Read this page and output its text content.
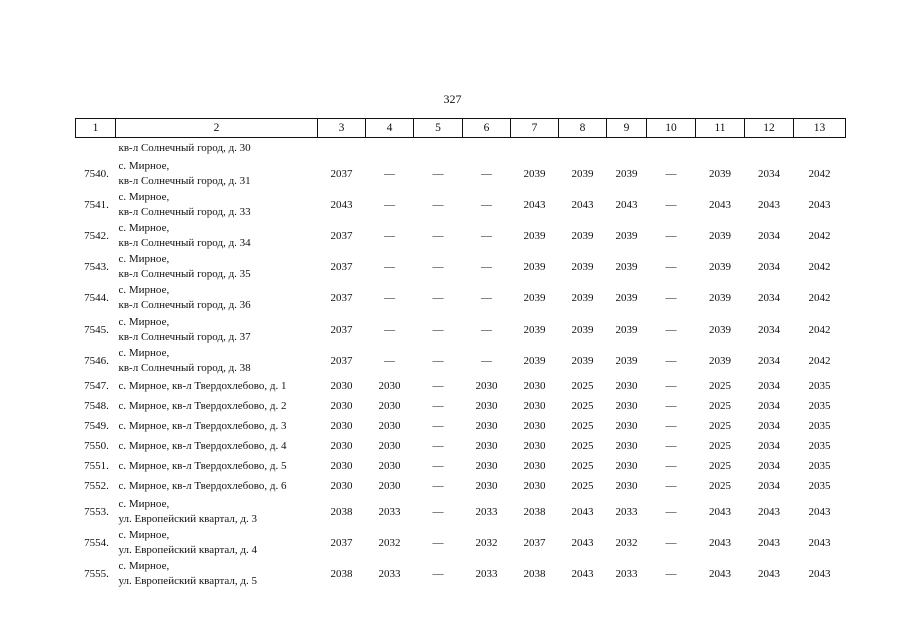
327
1	2	3	4	5	6	7	8	9	10	11	12	13
	кв-л Солнечный город, д. 30											
7540.	с. Мирное,
кв-л Солнечный город, д. 31	2037	—	—	—	2039	2039	2039	—	2039	2034	2042
7541.	с. Мирное,
кв-л Солнечный город, д. 33	2043	—	—	—	2043	2043	2043	—	2043	2043	2043
7542.	с. Мирное,
кв-л Солнечный город, д. 34	2037	—	—	—	2039	2039	2039	—	2039	2034	2042
7543.	с. Мирное,
кв-л Солнечный город, д. 35	2037	—	—	—	2039	2039	2039	—	2039	2034	2042
7544.	с. Мирное,
кв-л Солнечный город, д. 36	2037	—	—	—	2039	2039	2039	—	2039	2034	2042
7545.	с. Мирное,
кв-л Солнечный город, д. 37	2037	—	—	—	2039	2039	2039	—	2039	2034	2042
7546.	с. Мирное,
кв-л Солнечный город, д. 38	2037	—	—	—	2039	2039	2039	—	2039	2034	2042
7547.	с. Мирное, кв-л Твердохлебово, д. 1	2030	2030	—	2030	2030	2025	2030	—	2025	2034	2035
7548.	с. Мирное, кв-л Твердохлебово, д. 2	2030	2030	—	2030	2030	2025	2030	—	2025	2034	2035
7549.	с. Мирное, кв-л Твердохлебово, д. 3	2030	2030	—	2030	2030	2025	2030	—	2025	2034	2035
7550.	с. Мирное, кв-л Твердохлебово, д. 4	2030	2030	—	2030	2030	2025	2030	—	2025	2034	2035
7551.	с. Мирное, кв-л Твердохлебово, д. 5	2030	2030	—	2030	2030	2025	2030	—	2025	2034	2035
7552.	с. Мирное, кв-л Твердохлебово, д. 6	2030	2030	—	2030	2030	2025	2030	—	2025	2034	2035
7553.	с. Мирное,
ул. Европейский квартал, д. 3	2038	2033	—	2033	2038	2043	2033	—	2043	2043	2043
7554.	с. Мирное,
ул. Европейский квартал, д. 4	2037	2032	—	2032	2037	2043	2032	—	2043	2043	2043
7555.	с. Мирное,
ул. Европейский квартал, д. 5	2038	2033	—	2033	2038	2043	2033	—	2043	2043	2043
